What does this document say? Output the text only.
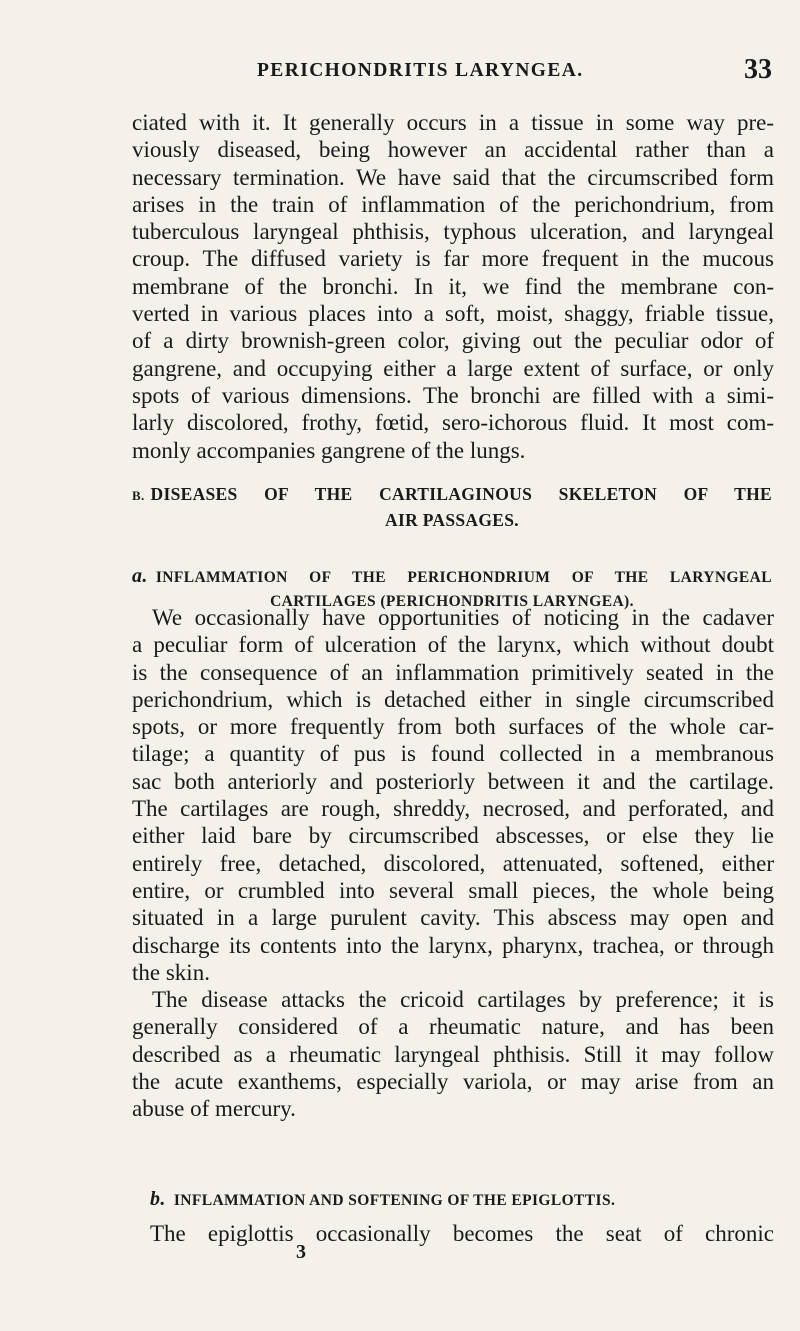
PERICHONDRITIS LARYNGEA.	33
ciated with it. It generally occurs in a tissue in some way pre-
viously diseased, being however an accidental rather than a
necessary termination. We have said that the circumscribed form
arises in the train of inflammation of the perichondrium, from
tuberculous laryngeal phthisis, typhous ulceration, and laryngeal
croup. The diffused variety is far more frequent in the mucous
membrane of the bronchi. In it, we find the membrane con-
verted in various places into a soft, moist, shaggy, friable tissue,
of a dirty brownish-green color, giving out the peculiar odor of
gangrene, and occupying either a large extent of surface, or only
spots of various dimensions. The bronchi are filled with a simi-
larly discolored, frothy, fœtid, sero-ichorous fluid. It most com-
monly accompanies gangrene of the lungs.
B. DISEASES OF THE CARTILAGINOUS SKELETON OF THE
AIR PASSAGES.
a. INFLAMMATION OF THE PERICHONDRIUM OF THE LARYNGEAL
CARTILAGES (PERICHONDRITIS LARYNGEA).
We occasionally have opportunities of noticing in the cadaver
a peculiar form of ulceration of the larynx, which without doubt
is the consequence of an inflammation primitively seated in the
perichondrium, which is detached either in single circumscribed
spots, or more frequently from both surfaces of the whole car-
tilage; a quantity of pus is found collected in a membranous
sac both anteriorly and posteriorly between it and the cartilage.
The cartilages are rough, shreddy, necrosed, and perforated, and
either laid bare by circumscribed abscesses, or else they lie
entirely free, detached, discolored, attenuated, softened, either
entire, or crumbled into several small pieces, the whole being
situated in a large purulent cavity. This abscess may open and
discharge its contents into the larynx, pharynx, trachea, or through
the skin.
The disease attacks the cricoid cartilages by preference; it is
generally considered of a rheumatic nature, and has been
described as a rheumatic laryngeal phthisis. Still it may follow
the acute exanthems, especially variola, or may arise from an
abuse of mercury.
b. INFLAMMATION AND SOFTENING OF THE EPIGLOTTIS.
The epiglottis occasionally becomes the seat of chronic
3
